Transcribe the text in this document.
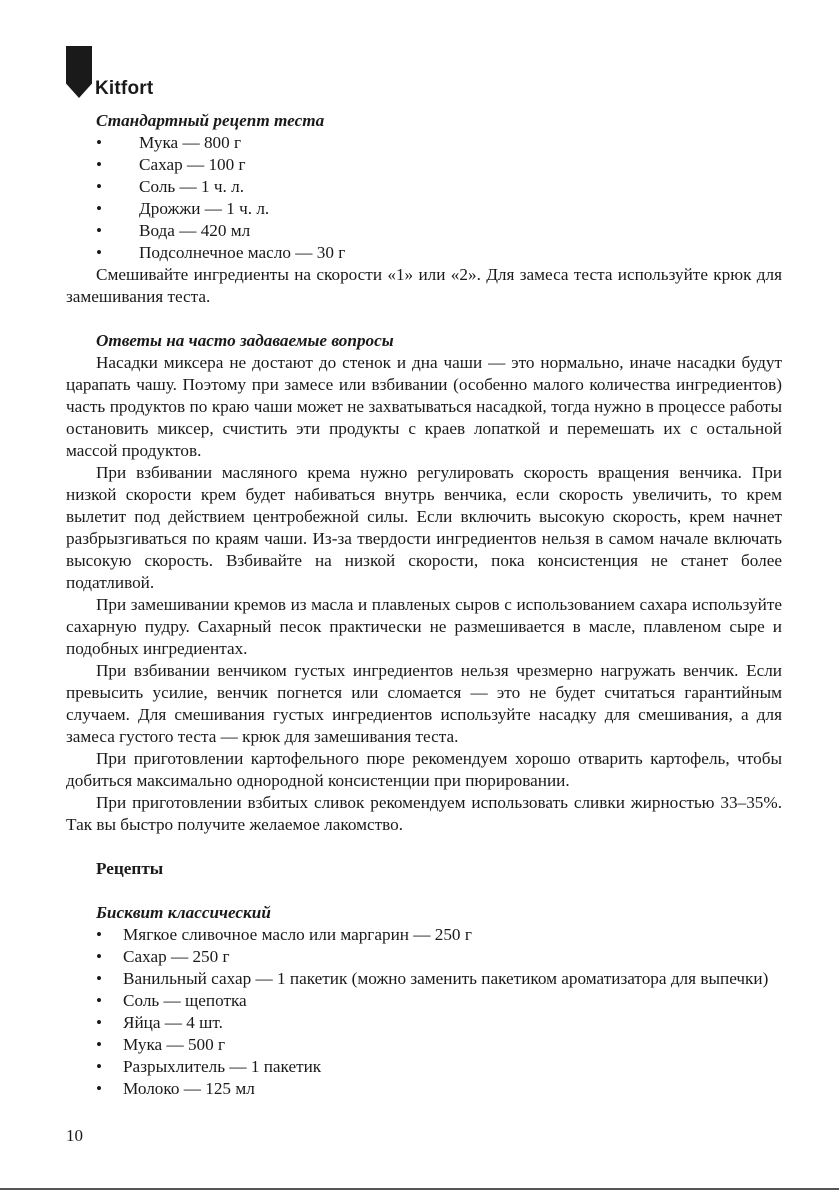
Kitfort
Стандартный рецепт теста
• Мука — 800 г
• Сахар — 100 г
• Соль — 1 ч. л.
• Дрожжи — 1 ч. л.
• Вода — 420 мл
• Подсолнечное масло — 30 г

Смешивайте ингредиенты на скорости «1» или «2». Для замеса теста используйте крюк для замешивания теста.

Ответы на часто задаваемые вопросы

Насадки миксера не достают до стенок и дна чаши — это нормально, иначе насадки будут царапать чашу. Поэтому при замесе или взбивании (особенно малого количества ингредиентов) часть продуктов по краю чаши может не захватываться насадкой, тогда нужно в процессе работы остановить миксер, счистить эти продукты с краев лопаткой и перемешать их с остальной массой продуктов.

При взбивании масляного крема нужно регулировать скорость вращения венчика. При низкой скорости крем будет набиваться внутрь венчика, если скорость увеличить, то крем вылетит под действием центробежной силы. Если включить высокую скорость, крем начнет разбрызгиваться по краям чаши. Из-за твердости ингредиентов нельзя в самом начале включать высокую скорость. Взбивайте на низкой скорости, пока консистенция не станет более податливой.

При замешивании кремов из масла и плавленых сыров с использованием сахара используйте сахарную пудру. Сахарный песок практически не размешивается в масле, плавленом сыре и подобных ингредиентах.

При взбивании венчиком густых ингредиентов нельзя чрезмерно нагружать венчик. Если превысить усилие, венчик погнется или сломается — это не будет считаться гарантийным случаем. Для смешивания густых ингредиентов используйте насадку для смешивания, а для замеса густого теста — крюк для замешивания теста.

При приготовлении картофельного пюре рекомендуем хорошо отварить картофель, чтобы добиться максимально однородной консистенции при пюрировании.

При приготовлении взбитых сливок рекомендуем использовать сливки жирностью 33–35%. Так вы быстро получите желаемое лакомство.

Рецепты
Бисквит классический
• Мягкое сливочное масло или маргарин — 250 г
• Сахар — 250 г
• Ванильный сахар — 1 пакетик (можно заменить пакетиком ароматизатора для выпечки)
• Соль — щепотка
• Яйца — 4 шт.
• Мука — 500 г
• Разрыхлитель — 1 пакетик
• Молоко — 125 мл
10
